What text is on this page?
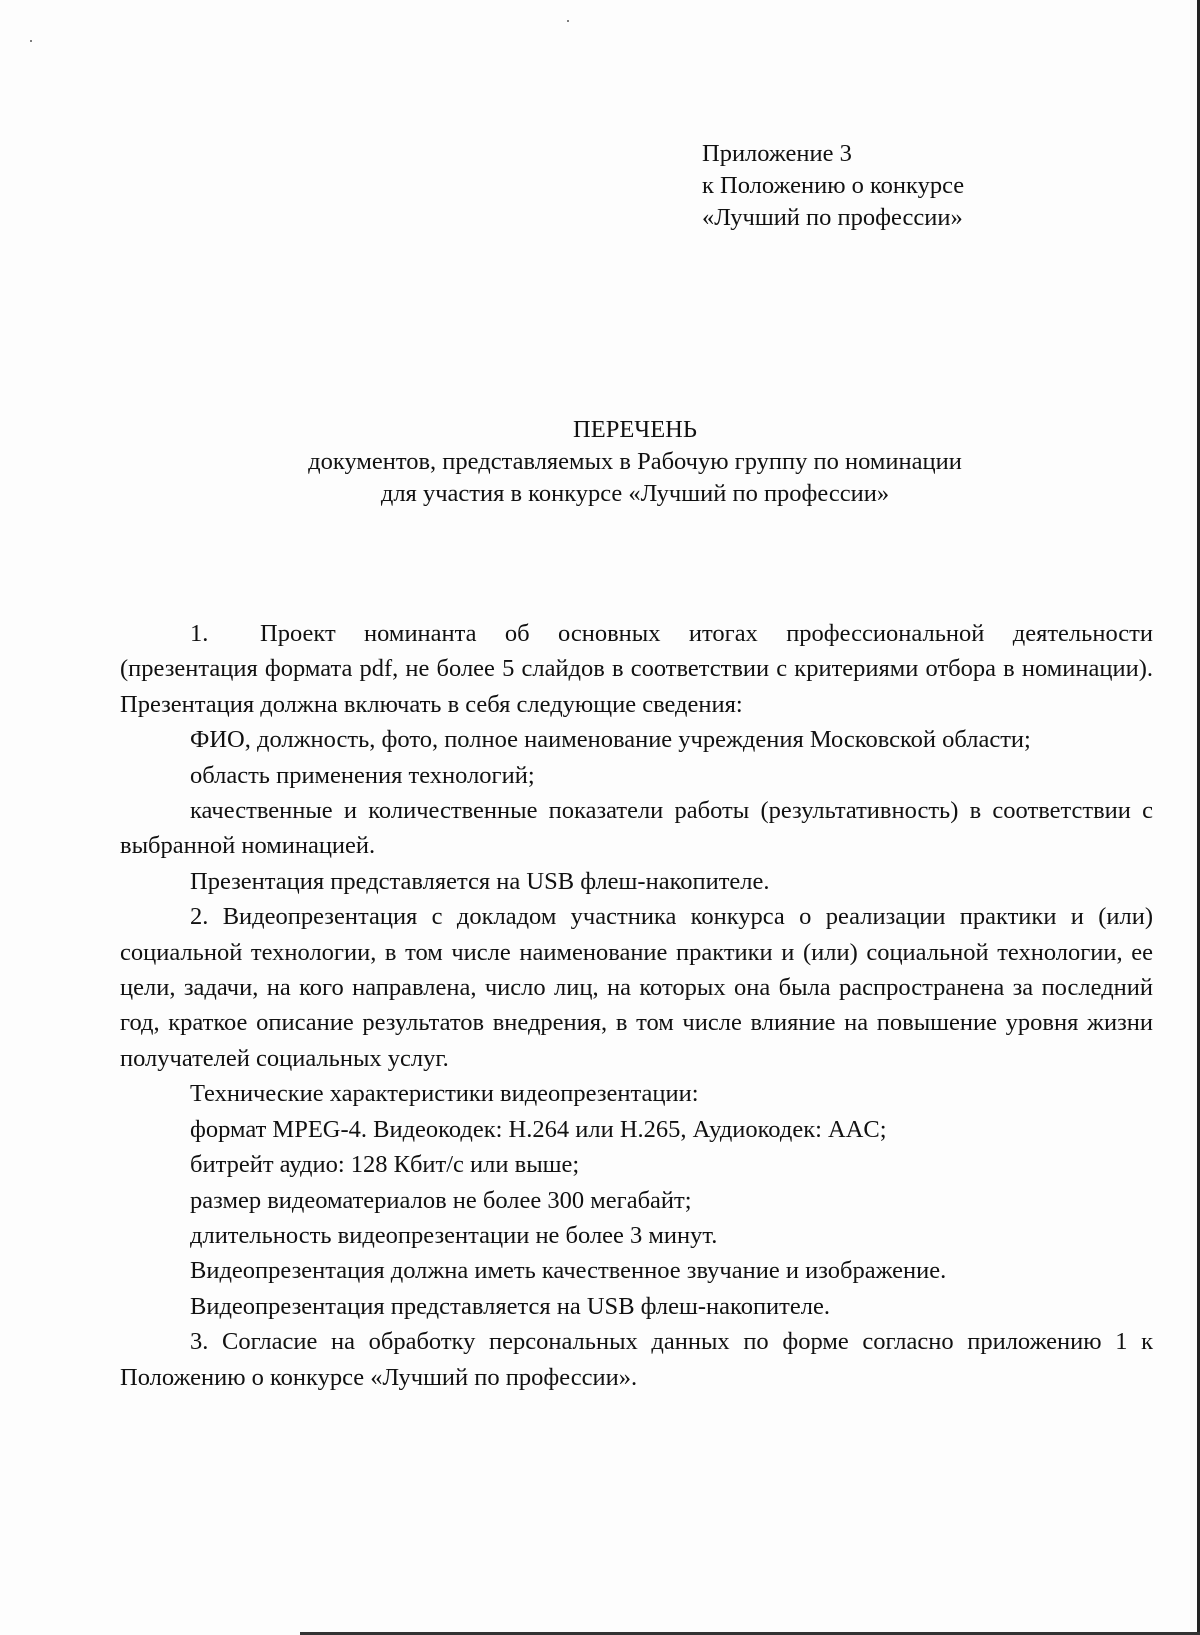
Приложение 3
к Положению о конкурсе
«Лучший по профессии»
ПЕРЕЧЕНЬ
документов, представляемых в Рабочую группу по номинации
для участия в конкурсе «Лучший по профессии»

1. Проект номинанта об основных итогах профессиональной деятельности (презентация формата pdf, не более 5 слайдов в соответствии с критериями отбора в номинации). Презентация должна включать в себя следующие сведения:

ФИО, должность, фото, полное наименование учреждения Московской области;

область применения технологий;

качественные и количественные показатели работы (результативность) в соответствии с выбранной номинацией.

Презентация представляется на USB флеш-накопителе.

2. Видеопрезентация с докладом участника конкурса о реализации практики и (или) социальной технологии, в том числе наименование практики и (или) социальной технологии, ее цели, задачи, на кого направлена, число лиц, на которых она была распространена за последний год, краткое описание результатов внедрения, в том числе влияние на повышение уровня жизни получателей социальных услуг.

Технические характеристики видеопрезентации:

формат MPEG-4. Видеокодек: H.264 или H.265, Аудиокодек: AAC;

битрейт аудио: 128 Кбит/с или выше;

размер видеоматериалов не более 300 мегабайт;

длительность видеопрезентации не более 3 минут.

Видеопрезентация должна иметь качественное звучание и изображение.

Видеопрезентация представляется на USB флеш-накопителе.

3. Согласие на обработку персональных данных по форме согласно приложению 1 к Положению о конкурсе «Лучший по профессии».
